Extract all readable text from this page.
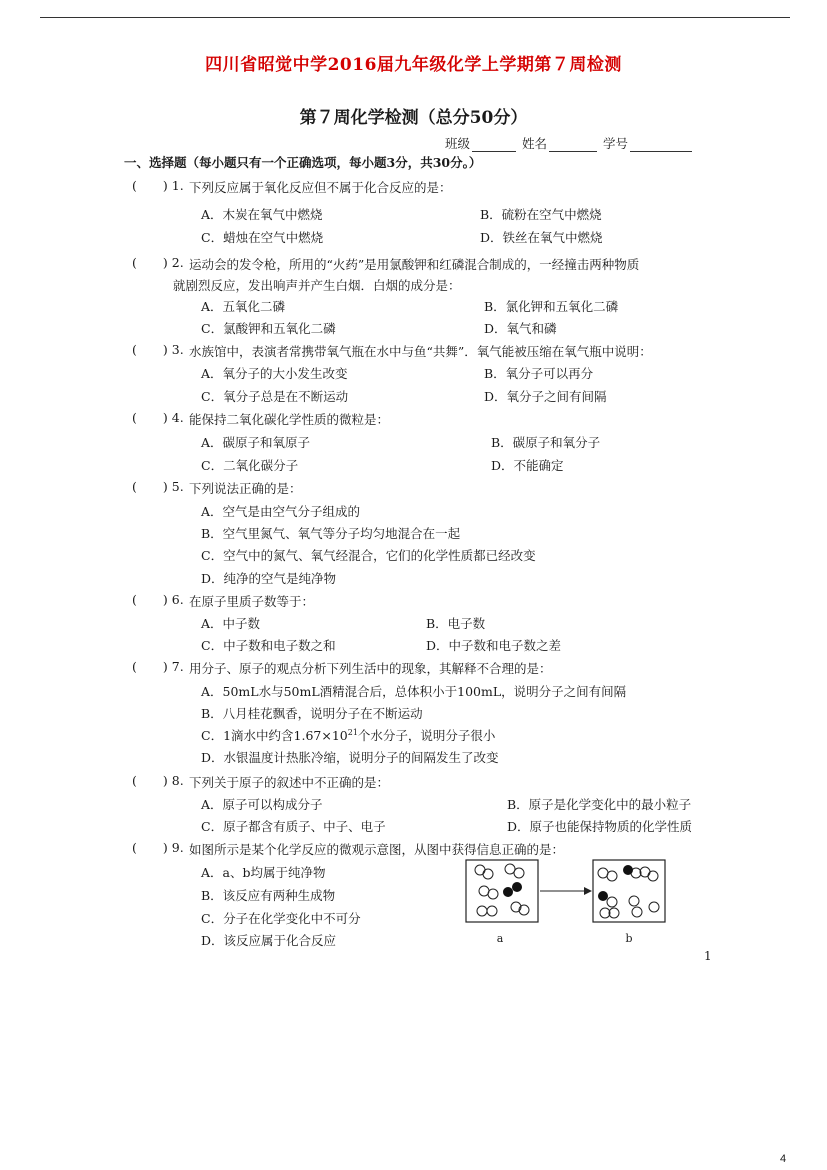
四川省昭觉中学2016届九年级化学上学期第７周检测
第７周化学检测（总分50分）
班级	姓名	学号
一、选择题（每小题只有一个正确选项，每小题3分，共30分。）
( ) 1. 下列反应属于氧化反应但不属于化合反应的是：
A．木炭在氧气中燃烧	B．硫粉在空气中燃烧
C．蜡烛在空气中燃烧	D．铁丝在氧气中燃烧
( ) 2. 运动会的发令枪，所用的“火药”是用氯酸钾和红磷混合制成的，一经撞击两种物质
就剧烈反应，发出响声并产生白烟．白烟的成分是：
A．五氧化二磷	B．氯化钾和五氧化二磷
C．氯酸钾和五氧化二磷	D．氧气和磷
( ) 3. 水族馆中，表演者常携带氧气瓶在水中与鱼“共舞”．氧气能被压缩在氧气瓶中说明：
A．氧分子的大小发生改变	B．氧分子可以再分
C．氧分子总是在不断运动	D．氧分子之间有间隔
( ) 4. 能保持二氧化碳化学性质的微粒是：
A．碳原子和氧原子	B．碳原子和氧分子
C．二氧化碳分子	D．不能确定
( ) 5. 下列说法正确的是：
A．空气是由空气分子组成的
B．空气里氮气、氧气等分子均匀地混合在一起
C．空气中的氮气、氧气经混合，它们的化学性质都已经改变
D．纯净的空气是纯净物
( ) 6. 在原子里质子数等于：
A．中子数	B．电子数
C．中子数和电子数之和	D．中子数和电子数之差
( ) 7. 用分子、原子的观点分析下列生活中的现象，其解释不合理的是：
A．50mL水与50mL酒精混合后，总体积小于100mL，说明分子之间有间隔
B．八月桂花飘香，说明分子在不断运动
C．1滴水中约含$1.67\times 10^{21}$个水分子，说明分子很小
D．水银温度计热胀冷缩，说明分子的间隔发生了改变
( ) 8. 下列关于原子的叙述中不正确的是：
A．原子可以构成分子	B．原子是化学变化中的最小粒子
C．原子都含有质子、中子、电子	D．原子也能保持物质的化学性质
( ) 9. 如图所示是某个化学反应的微观示意图，从图中获得信息正确的是：
A．a、b均属于纯净物
B．该反应有两种生成物
C．分子在化学变化中不可分
D．该反应属于化合反应	a	b
1
4
